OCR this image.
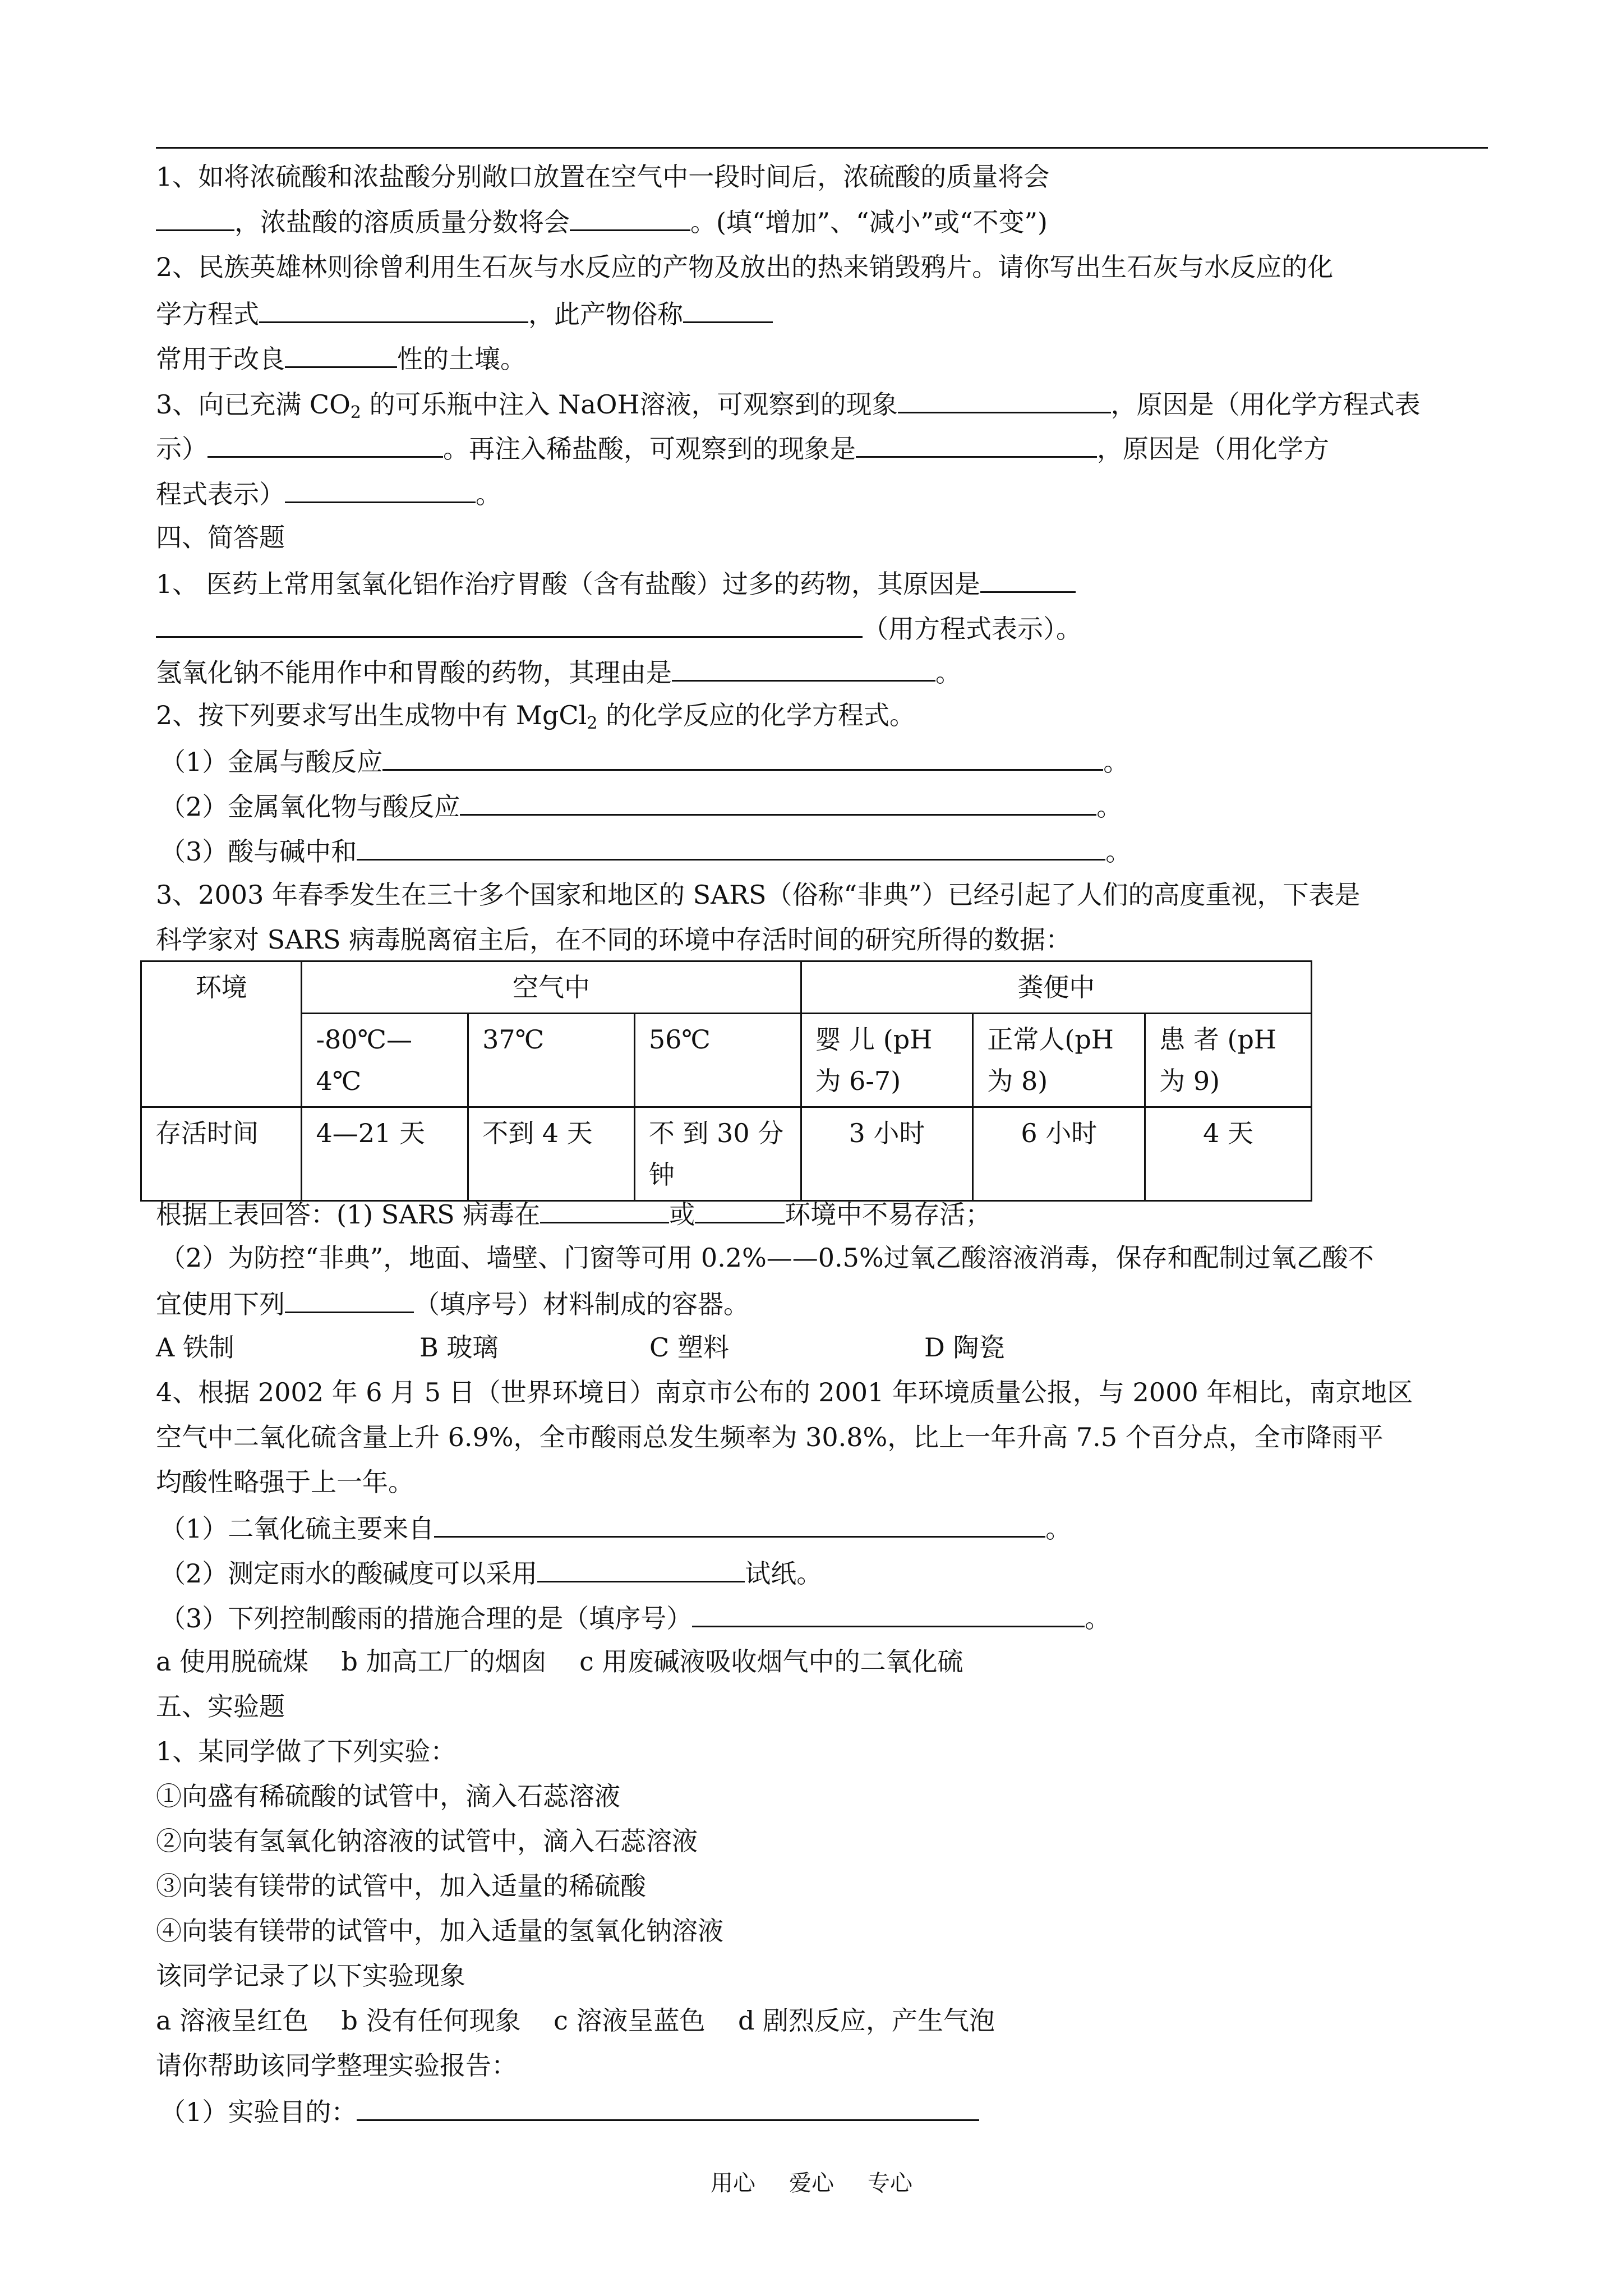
1、如将浓硫酸和浓盐酸分别敞口放置在空气中一段时间后，浓硫酸的质量将会
，浓盐酸的溶质质量分数将会	。(填“增加”、“减小”或“不变”)
2、民族英雄林则徐曾利用生石灰与水反应的产物及放出的热来销毁鸦片。请你写出生石灰与水反应的化
学方程式	，此产物俗称
常用于改良	性的土壤。
3、向已充满 $CO_2$ 的可乐瓶中注入 NaOH溶液，可观察到的现象	，原因是（用化学方程式表
示）	。再注入稀盐酸，可观察到的现象是	，原因是（用化学方
程式表示）	。
四、简答题
1、 医药上常用氢氧化铝作治疗胃酸（含有盐酸）过多的药物，其原因是
（用方程式表示）。
氢氧化钠不能用作中和胃酸的药物，其理由是	。
2、按下列要求写出生成物中有 MgCl$_2$ 的化学反应的化学方程式。
（1）金属与酸反应	。
（2）金属氧化物与酸反应	。
（3）酸与碱中和	。
3、2003 年春季发生在三十多个国家和地区的 SARS（俗称“非典”）已经引起了人们的高度重视，下表是
科学家对 SARS 病毒脱离宿主后，在不同的环境中存活时间的研究所得的数据：
环境	空气中			粪便中		
	-80℃—4℃	37℃	56℃	婴 儿 (pH 为 6-7)	正常人(pH 为 8)	患 者 (pH 为 9)
存活时间	4—21 天	不到 4 天	不 到 30 分钟	3 小时	6 小时	4 天
根据上表回答：(1) SARS 病毒在	或	环境中不易存活；
（2）为防控“非典”，地面、墙壁、门窗等可用 0.2%——0.5%过氧乙酸溶液消毒，保存和配制过氧乙酸不
宜使用下列	（填序号）材料制成的容器。
A 铁制	B 玻璃	C 塑料	D 陶瓷
4、根据 2002 年 6 月 5 日（世界环境日）南京市公布的 2001 年环境质量公报，与 2000 年相比，南京地区
空气中二氧化硫含量上升 6.9%，全市酸雨总发生频率为 30.8%，比上一年升高 7.5 个百分点，全市降雨平
均酸性略强于上一年。
（1）二氧化硫主要来自	。
（2）测定雨水的酸碱度可以采用	试纸。
（3）下列控制酸雨的措施合理的是（填序号）	。
a 使用脱硫煤    b 加高工厂的烟囱    c 用废碱液吸收烟气中的二氧化硫
五、实验题
1、某同学做了下列实验：
①向盛有稀硫酸的试管中，滴入石蕊溶液
②向装有氢氧化钠溶液的试管中，滴入石蕊溶液
③向装有镁带的试管中，加入适量的稀硫酸
④向装有镁带的试管中，加入适量的氢氧化钠溶液
该同学记录了以下实验现象
a 溶液呈红色    b 没有任何现象    c 溶液呈蓝色    d 剧烈反应，产生气泡
请你帮助该同学整理实验报告：
（1）实验目的：
用心 爱心 专心
